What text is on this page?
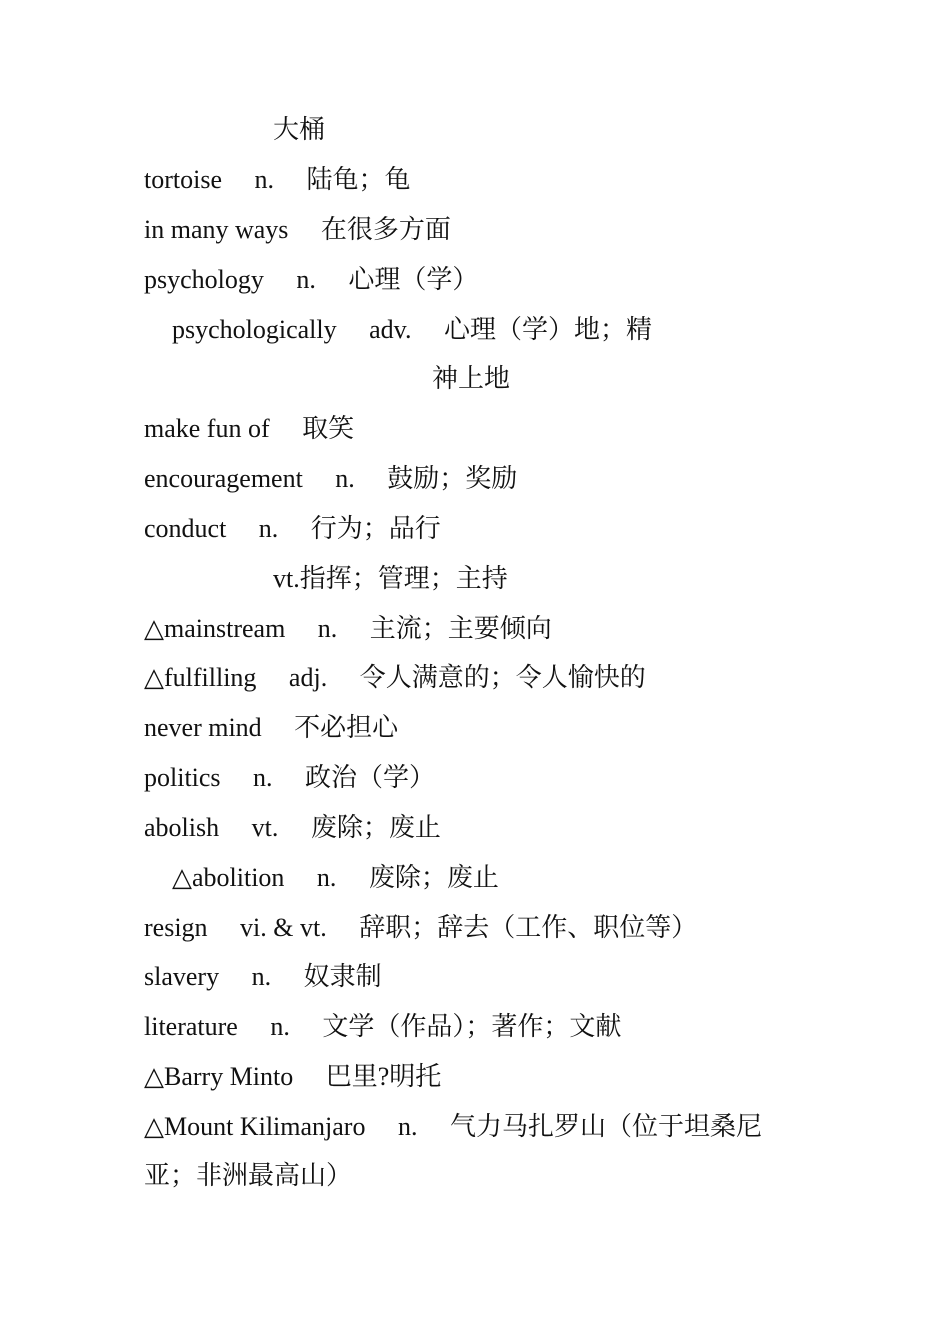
大桶
tortoise　 n.　 陆龟；龟
in many ways　 在很多方面
psychology　 n.　 心理（学）
psychologically　 adv.　 心理（学）地；精
神上地
make fun of　 取笑
encouragement　 n.　 鼓励；奖励
conduct　 n.　 行为；品行
vt.指挥；管理；主持
△mainstream　 n.　 主流；主要倾向
△fulfilling　 adj.　 令人满意的；令人愉快的
never mind　 不必担心
politics　 n.　 政治（学）
abolish　 vt.　 废除；废止
△abolition　 n.　 废除；废止
resign　 vi. & vt.　 辞职；辞去（工作、职位等）
slavery　 n.　 奴隶制
literature　 n.　 文学（作品）；著作；文献
△Barry Minto　 巴里?明托
△Mount Kilimanjaro　 n.　 气力马扎罗山（位于坦桑尼
亚；非洲最高山）
